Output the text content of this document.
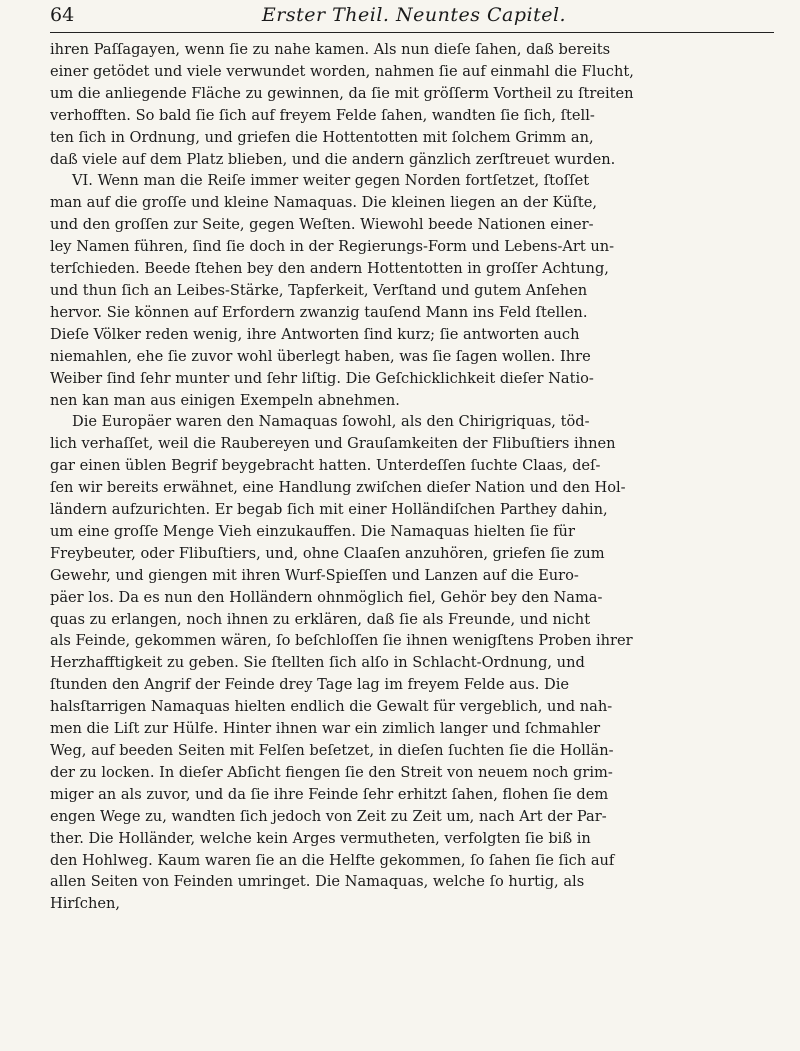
64	Erster Theil. Neuntes Capitel.

ihren Paſſagayen, wenn ſie zu nahe kamen. Als nun dieſe ſahen, daß bereits
einer getödet und viele verwundet worden, nahmen ſie auf einmahl die Flucht,
um die anliegende Fläche zu gewinnen, da ſie mit gröſſerm Vortheil zu ſtreiten
verhofften. So bald ſie ſich auf freyem Felde ſahen, wandten ſie ſich, ſtell-
ten ſich in Ordnung, und griefen die Hottentotten mit ſolchem Grimm an,
daß viele auf dem Platz blieben, und die andern gänzlich zerſtreuet wurden.

VI. Wenn man die Reiſe immer weiter gegen Norden fortſetzet, ſtoſſet
man auf die groſſe und kleine Namaquas. Die kleinen liegen an der Küſte,
und den groſſen zur Seite, gegen Weſten. Wiewohl beede Nationen einer-
ley Namen führen, ſind ſie doch in der Regierungs-Form und Lebens-Art un-
terſchieden. Beede ſtehen bey den andern Hottentotten in groſſer Achtung,
und thun ſich an Leibes-Stärke, Tapferkeit, Verſtand und gutem Anſehen
hervor. Sie können auf Erfordern zwanzig tauſend Mann ins Feld ſtellen.
Dieſe Völker reden wenig, ihre Antworten ſind kurz; ſie antworten auch
niemahlen, ehe ſie zuvor wohl überlegt haben, was ſie ſagen wollen. Ihre
Weiber ſind ſehr munter und ſehr liſtig. Die Geſchicklichkeit dieſer Natio-
nen kan man aus einigen Exempeln abnehmen.

Die Europäer waren den Namaquas ſowohl, als den Chirigriquas, töd-
lich verhaſſet, weil die Raubereyen und Grauſamkeiten der Flibuſtiers ihnen
gar einen üblen Begrif beygebracht hatten. Unterdeſſen ſuchte Claas, deſ-
ſen wir bereits erwähnet, eine Handlung zwiſchen dieſer Nation und den Hol-
ländern aufzurichten. Er begab ſich mit einer Holländiſchen Parthey dahin,
um eine groſſe Menge Vieh einzukauffen. Die Namaquas hielten ſie für
Freybeuter, oder Flibuſtiers, und, ohne Claaſen anzuhören, griefen ſie zum
Gewehr, und giengen mit ihren Wurf-Spieſſen und Lanzen auf die Euro-
päer los. Da es nun den Holländern ohnmöglich fiel, Gehör bey den Nama-
quas zu erlangen, noch ihnen zu erklären, daß ſie als Freunde, und nicht
als Feinde, gekommen wären, ſo beſchloſſen ſie ihnen wenigſtens Proben ihrer
Herzhafftigkeit zu geben. Sie ſtellten ſich alſo in Schlacht-Ordnung, und
ſtunden den Angrif der Feinde drey Tage lag im freyem Felde aus. Die
halsſtarrigen Namaquas hielten endlich die Gewalt für vergeblich, und nah-
men die Liſt zur Hülfe. Hinter ihnen war ein zimlich langer und ſchmahler
Weg, auf beeden Seiten mit Felſen beſetzet, in dieſen ſuchten ſie die Hollän-
der zu locken. In dieſer Abſicht fiengen ſie den Streit von neuem noch grim-
miger an als zuvor, und da ſie ihre Feinde ſehr erhitzt ſahen, flohen ſie dem
engen Wege zu, wandten ſich jedoch von Zeit zu Zeit um, nach Art der Par-
ther. Die Holländer, welche kein Arges vermutheten, verfolgten ſie biß in
den Hohlweg. Kaum waren ſie an die Helfte gekommen, ſo ſahen ſie ſich auf
allen Seiten von Feinden umringet. Die Namaquas, welche ſo hurtig, als
Hirſchen,
